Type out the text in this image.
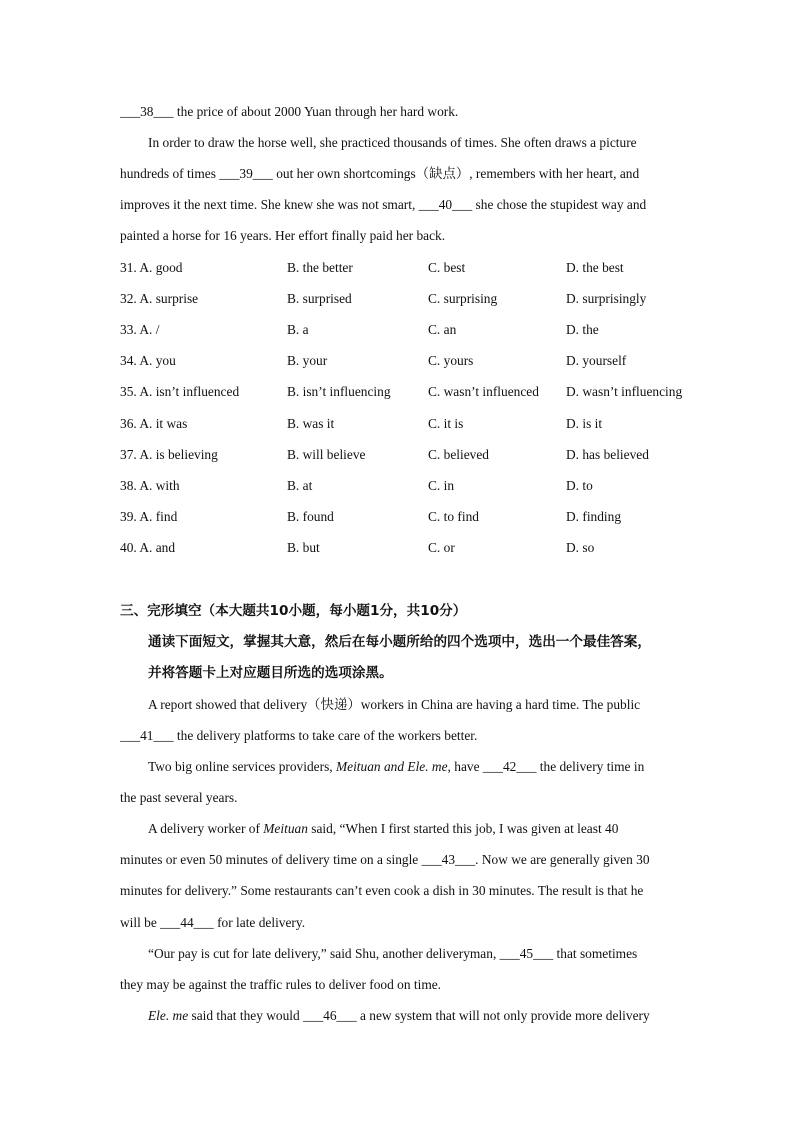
___38___ the price of about 2000 Yuan through her hard work.
In order to draw the horse well, she practiced thousands of times. She often draws a picture
hundreds of times ___39___ out her own shortcomings（缺点）, remembers with her heart, and
improves it the next time. She knew she was not smart, ___40___ she chose the stupidest way and
painted a horse for 16 years. Her effort finally paid her back.
31. A. good	B. the better	C. best	D. the best
32. A. surprise	B. surprised	C. surprising	D. surprisingly
33. A. /	B. a	C. an	D. the
34. A. you	B. your	C. yours	D. yourself
35. A. isn’t influenced	B. isn’t influencing	C. wasn’t influenced D. wasn’t influencing
36. A. it was	B. was it	C. it is	D. is it
37. A. is believing	B. will believe	C. believed	D. has believed
38. A. with	B. at	C. in	D. to
39. A. find	B. found	C. to find	D. finding
40. A. and	B. but	C. or	D. so
三、完形填空（本大题共10小题，每小题1分，共10分）
通读下面短文，掌握其大意，然后在每小题所给的四个选项中，选出一个最佳答案，
并将答题卡上对应题目所选的选项涂黑。
A report showed that delivery（快递）workers in China are having a hard time. The public
___41___ the delivery platforms to take care of the workers better.
Two big online services providers, Meituan and Ele. me, have ___42___ the delivery time in
the past several years.
A delivery worker of Meituan said, “When I first started this job, I was given at least 40
minutes or even 50 minutes of delivery time on a single ___43___. Now we are generally given 30
minutes for delivery.” Some restaurants can’t even cook a dish in 30 minutes. The result is that he
will be ___44___ for late delivery.
“Our pay is cut for late delivery,” said Shu, another deliveryman, ___45___ that sometimes
they may be against the traffic rules to deliver food on time.
Ele. me said that they would ___46___ a new system that will not only provide more delivery
